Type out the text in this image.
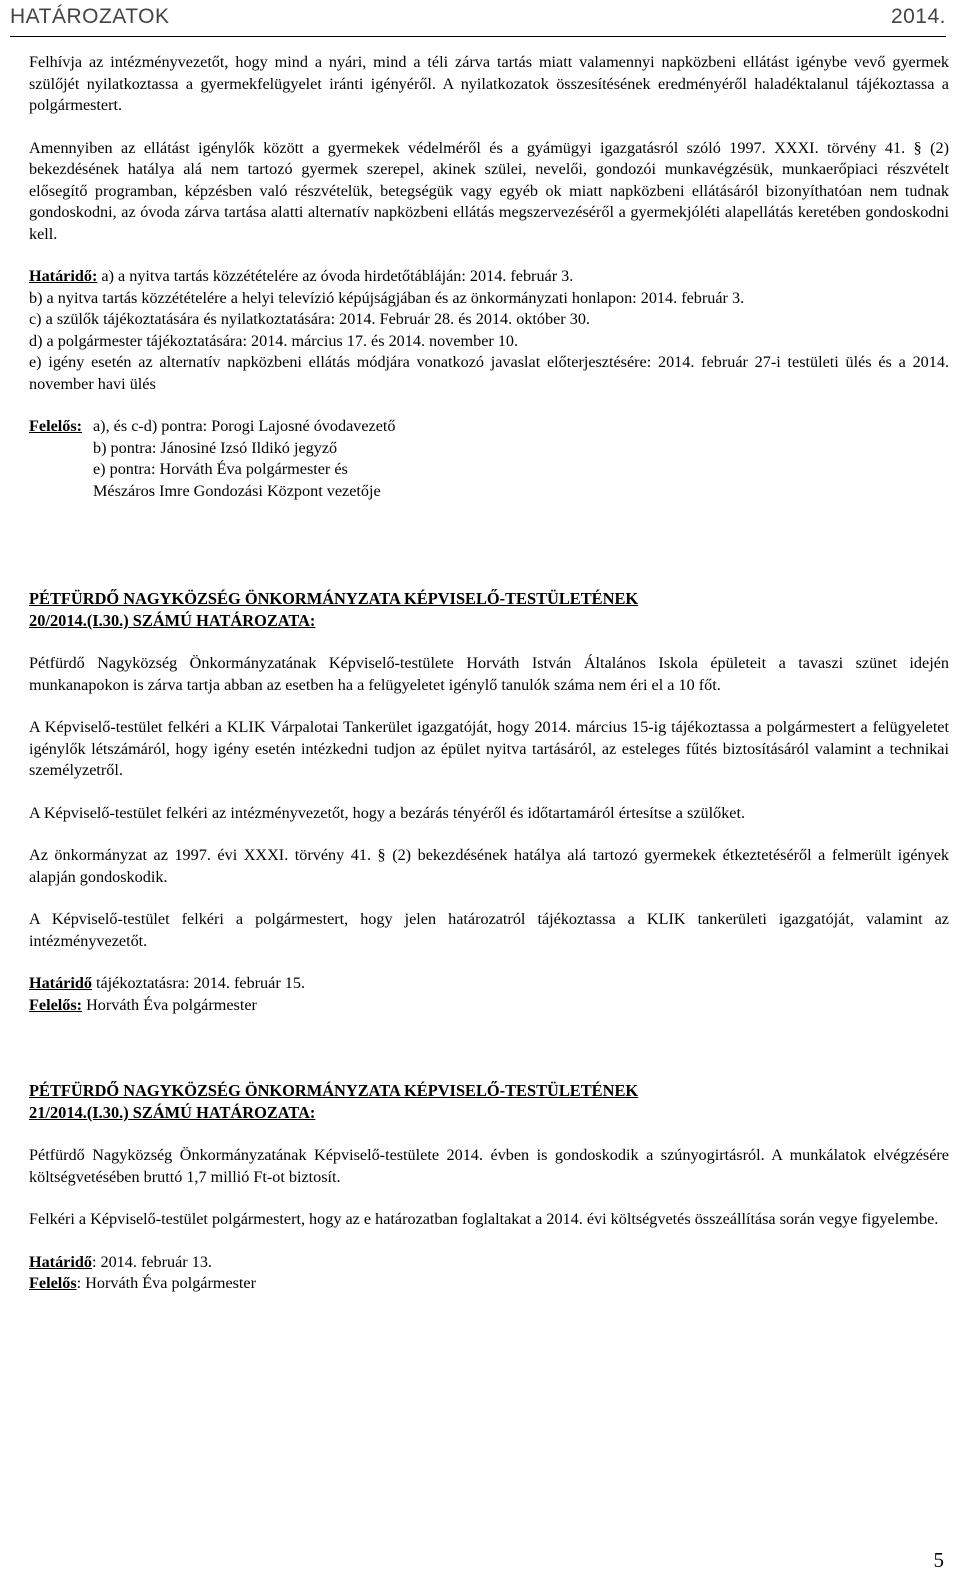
HATÁROZATOK	2014.

Felhívja az intézményvezetőt, hogy mind a nyári, mind a téli zárva tartás miatt valamennyi napközbeni ellátást igénybe vevő gyermek szülőjét nyilatkoztassa a gyermekfelügyelet iránti igényéről. A nyilatkozatok összesítésének eredményéről haladéktalanul tájékoztassa a polgármestert.

Amennyiben az ellátást igénylők között a gyermekek védelméről és a gyámügyi igazgatásról szóló 1997. XXXI. törvény 41. § (2) bekezdésének hatálya alá nem tartozó gyermek szerepel, akinek szülei, nevelői, gondozói munkavégzésük, munkaerőpiaci részvételt elősegítő programban, képzésben való részvételük, betegségük vagy egyéb ok miatt napközbeni ellátásáról bizonyíthatóan nem tudnak gondoskodni, az óvoda zárva tartása alatti alternatív napközbeni ellátás megszervezéséről a gyermekjóléti alapellátás keretében gondoskodni kell.

Határidő: a) a nyitva tartás közzétételére az óvoda hirdetőtábláján: 2014. február 3.

b) a nyitva tartás közzétételére a helyi televízió képújságjában és az önkormányzati honlapon: 2014. február 3.

c) a szülők tájékoztatására és nyilatkoztatására: 2014. Február 28. és 2014. október 30.

d) a polgármester tájékoztatására: 2014. március 17. és 2014. november 10.

e) igény esetén az alternatív napközbeni ellátás módjára vonatkozó javaslat előterjesztésére: 2014. február 27-i testületi ülés és a 2014. november havi ülés

Felelős: a), és c-d) pontra: Porogi Lajosné óvodavezető
b) pontra: Jánosiné Izsó Ildikó jegyző
e) pontra: Horváth Éva polgármester és
Mészáros Imre Gondozási Központ vezetője
PÉTFÜRDŐ NAGYKÖZSÉG ÖNKORMÁNYZATA KÉPVISELŐ-TESTÜLETÉNEK
20/2014.(I.30.) SZÁMÚ HATÁROZATA:

Pétfürdő Nagyközség Önkormányzatának Képviselő-testülete Horváth István Általános Iskola épületeit a tavaszi szünet idején munkanapokon is zárva tartja abban az esetben ha a felügyeletet igénylő tanulók száma nem éri el a 10 főt.

A Képviselő-testület felkéri a KLIK Várpalotai Tankerület igazgatóját, hogy 2014. március 15-ig tájékoztassa a polgármestert a felügyeletet igénylők létszámáról, hogy igény esetén intézkedni tudjon az épület nyitva tartásáról, az esteleges fűtés biztosításáról valamint a technikai személyzetről.

A Képviselő-testület felkéri az intézményvezetőt, hogy a bezárás tényéről és időtartamáról értesítse a szülőket.

Az önkormányzat az 1997. évi XXXI. törvény 41. § (2) bekezdésének hatálya alá tartozó gyermekek étkeztetéséről a felmerült igények alapján gondoskodik.

A Képviselő-testület felkéri a polgármestert, hogy jelen határozatról tájékoztassa a KLIK tankerületi igazgatóját, valamint az intézményvezetőt.

Határidő tájékoztatásra: 2014. február 15.

Felelős: Horváth Éva polgármester

PÉTFÜRDŐ NAGYKÖZSÉG ÖNKORMÁNYZATA KÉPVISELŐ-TESTÜLETÉNEK
21/2014.(I.30.) SZÁMÚ HATÁROZATA:

Pétfürdő Nagyközség Önkormányzatának Képviselő-testülete 2014. évben is gondoskodik a szúnyogirtásról. A munkálatok elvégzésére költségvetésében bruttó 1,7 millió Ft-ot biztosít.

Felkéri a Képviselő-testület polgármestert, hogy az e határozatban foglaltakat a 2014. évi költségvetés összeállítása során vegye figyelembe.

Határidő: 2014. február 13.

Felelős: Horváth Éva polgármester

5
